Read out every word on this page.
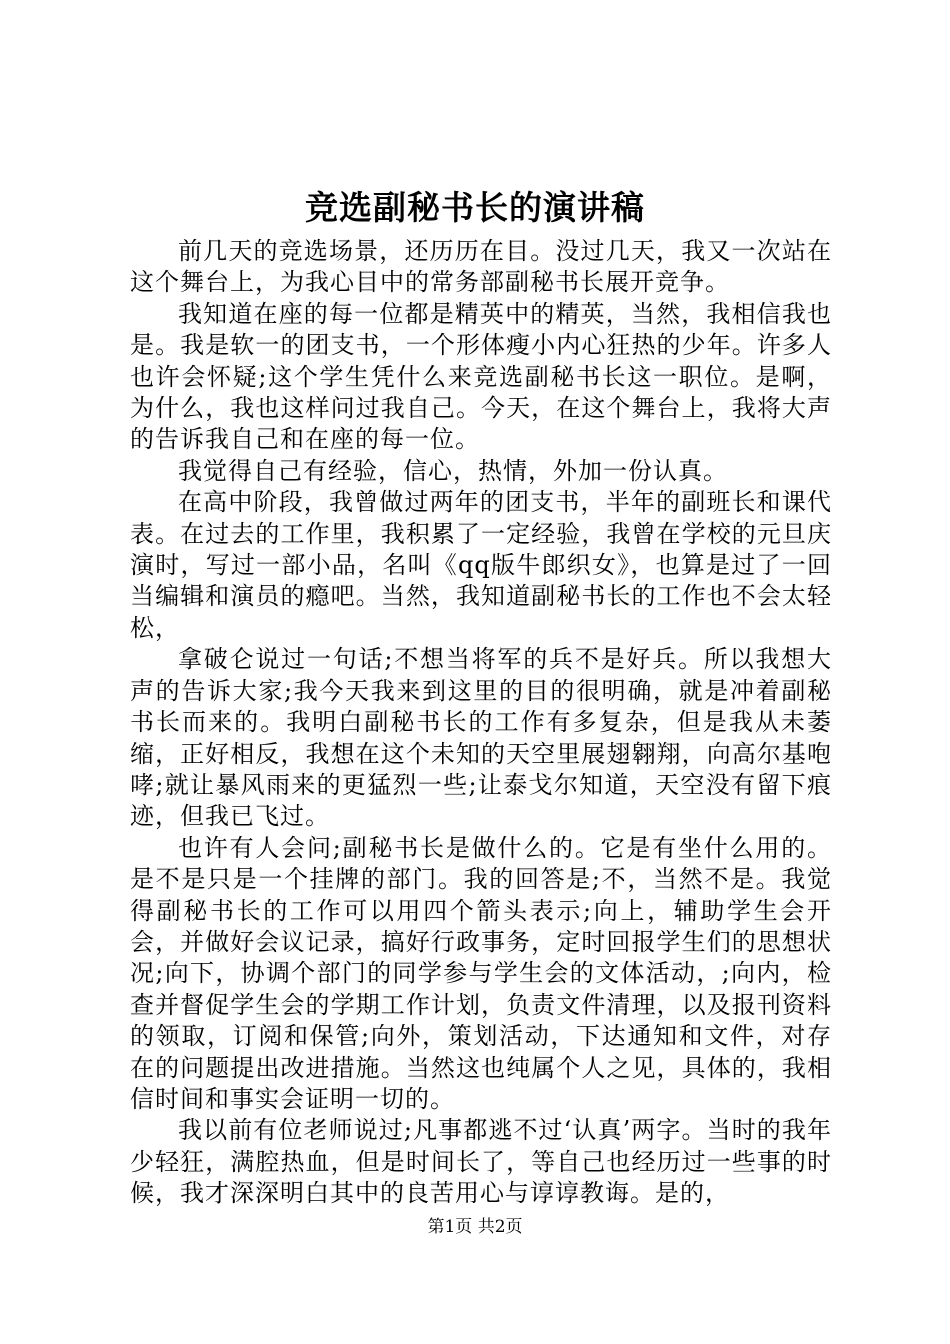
竞选副秘书长的演讲稿

前几天的竞选场景，还历历在目。没过几天，我又一次站在这个舞台上，为我心目中的常务部副秘书长展开竞争。

我知道在座的每一位都是精英中的精英，当然，我相信我也是。我是软一的团支书，一个形体瘦小内心狂热的少年。许多人也许会怀疑;这个学生凭什么来竞选副秘书长这一职位。是啊，为什么，我也这样问过我自己。今天，在这个舞台上，我将大声的告诉我自己和在座的每一位。

我觉得自己有经验，信心，热情，外加一份认真。

在高中阶段，我曾做过两年的团支书，半年的副班长和课代表。在过去的工作里，我积累了一定经验，我曾在学校的元旦庆演时，写过一部小品，名叫《qq版牛郎织女》，也算是过了一回当编辑和演员的瘾吧。当然，我知道副秘书长的工作也不会太轻松，

拿破仑说过一句话;不想当将军的兵不是好兵。所以我想大声的告诉大家;我今天我来到这里的目的很明确，就是冲着副秘书长而来的。我明白副秘书长的工作有多复杂，但是我从未萎缩，正好相反，我想在这个未知的天空里展翅翱翔，向高尔基咆哮;就让暴风雨来的更猛烈一些;让泰戈尔知道，天空没有留下痕迹，但我已飞过。

也许有人会问;副秘书长是做什么的。它是有坐什么用的。是不是只是一个挂牌的部门。我的回答是;不，当然不是。我觉得副秘书长的工作可以用四个箭头表示;向上，辅助学生会开会，并做好会议记录，搞好行政事务，定时回报学生们的思想状况;向下，协调个部门的同学参与学生会的文体活动，;向内，检查并督促学生会的学期工作计划，负责文件清理，以及报刊资料的领取，订阅和保管;向外，策划活动，下达通知和文件，对存在的问题提出改进措施。当然这也纯属个人之见，具体的，我相信时间和事实会证明一切的。

我以前有位老师说过;凡事都逃不过‘认真’两字。当时的我年少轻狂，满腔热血，但是时间长了，等自己也经历过一些事的时候，我才深深明白其中的良苦用心与谆谆教诲。是的，

第1页 共2页
